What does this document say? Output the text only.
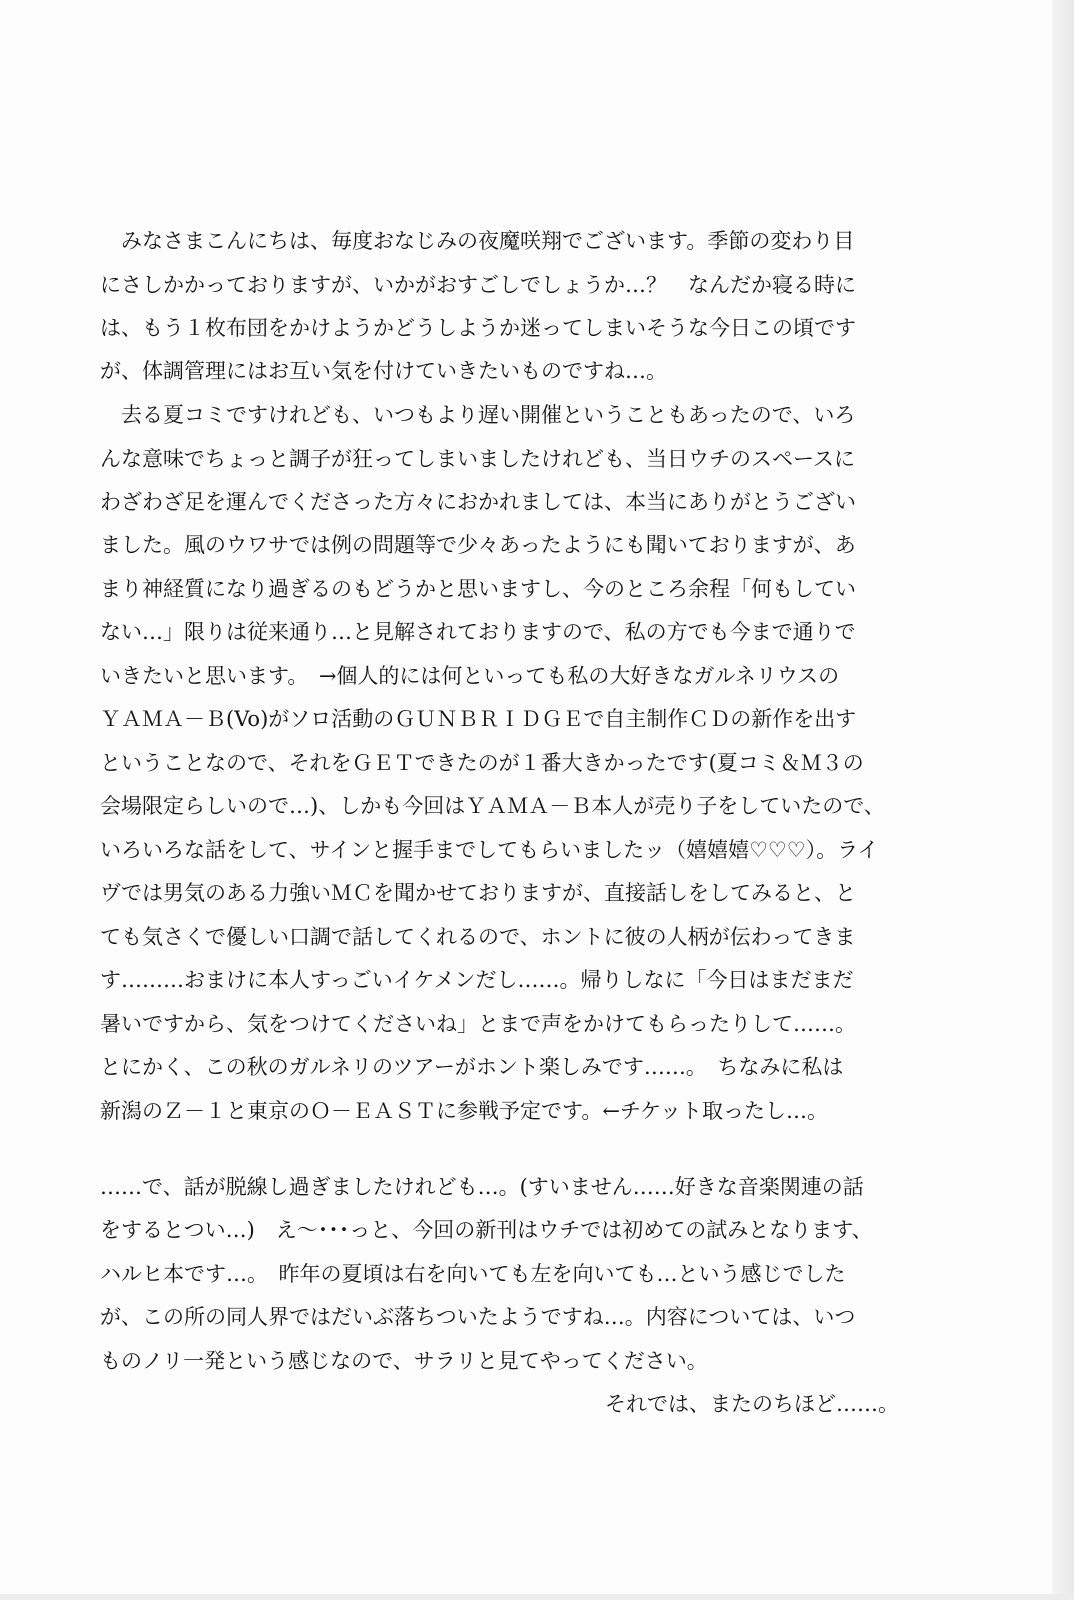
　みなさまこんにちは、毎度おなじみの夜魔咲翔でございます。季節の変わり目
にさしかかっておりますが、いかがおすごしでしょうか…？　なんだか寝る時に
は、もう１枚布団をかけようかどうしようか迷ってしまいそうな今日この頃です
が、体調管理にはお互い気を付けていきたいものですね…。
　去る夏コミですけれども、いつもより遅い開催ということもあったので、いろ
んな意味でちょっと調子が狂ってしまいましたけれども、当日ウチのスペースに
わざわざ足を運んでくださった方々におかれましては、本当にありがとうござい
ました。風のウワサでは例の問題等で少々あったようにも聞いておりますが、あ
まり神経質になり過ぎるのもどうかと思いますし、今のところ余程「何もしてい
ない…」限りは従来通り…と見解されておりますので、私の方でも今まで通りで
いきたいと思います。　→個人的には何といっても私の大好きなガルネリウスの
ＹＡＭＡ－Ｂ(Vo)がソロ活動のＧＵＮＢＲＩＤＧＥで自主制作ＣＤの新作を出す
ということなので、それをＧＥＴできたのが１番大きかったです(夏コミ＆Ｍ３の
会場限定らしいので…)、しかも今回はＹＡＭＡ－Ｂ本人が売り子をしていたので、
いろいろな話をして、サインと握手までしてもらいましたッ（嬉嬉嬉♡♡♡）。ライ
ヴでは男気のある力強いＭＣを聞かせておりますが、直接話しをしてみると、と
ても気さくで優しい口調で話してくれるので、ホントに彼の人柄が伝わってきま
す………おまけに本人すっごいイケメンだし……。帰りしなに「今日はまだまだ
暑いですから、気をつけてくださいね」とまで声をかけてもらったりして……。
とにかく、この秋のガルネリのツアーがホント楽しみです……。　ちなみに私は
新潟のＺ－１と東京のＯ－ＥＡＳＴに参戦予定です。←チケット取ったし…。
……で、話が脱線し過ぎましたけれども…。(すいません……好きな音楽関連の話
をするとつい…)　え～･･･っと、今回の新刊はウチでは初めての試みとなります、
ハルヒ本です…。　昨年の夏頃は右を向いても左を向いても…という感じでした
が、この所の同人界ではだいぶ落ちついたようですね…。内容については、いつ
ものノリ一発という感じなので、サラリと見てやってください。
それでは、またのちほど……。
